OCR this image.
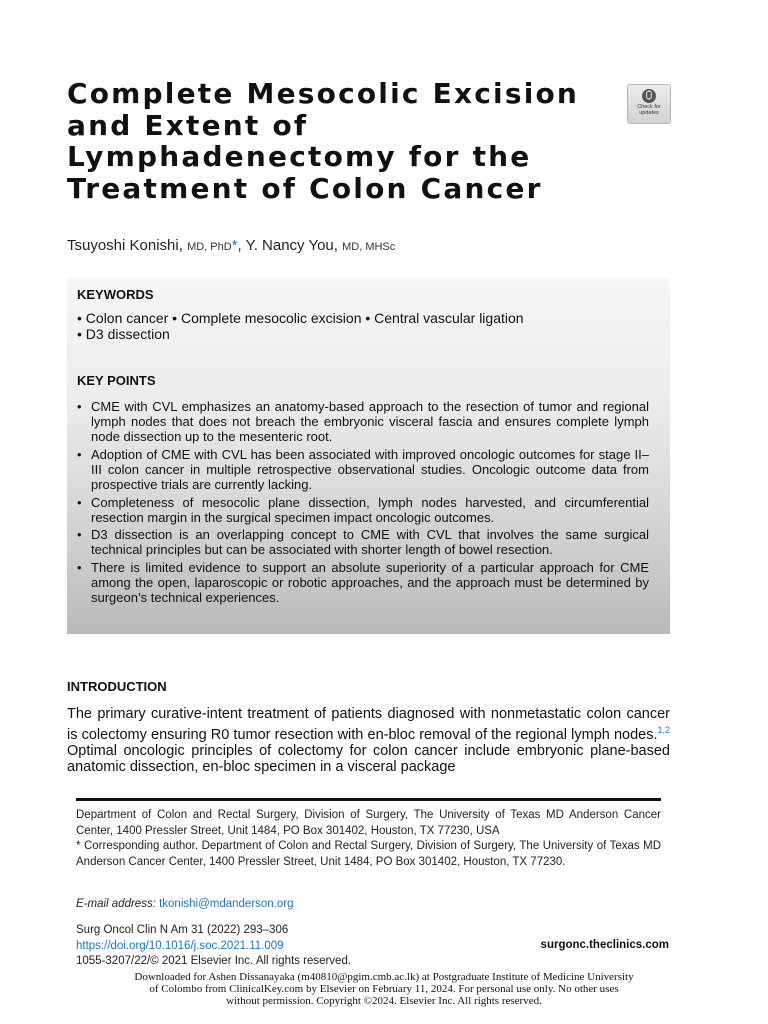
Complete Mesocolic Excision
and Extent of
Lymphadenectomy for the
Treatment of Colon Cancer
Check for
updates
Tsuyoshi Konishi, MD, PhD*, Y. Nancy You, MD, MHSc
KEYWORDS
• Colon cancer • Complete mesocolic excision • Central vascular ligation
• D3 dissection
KEY POINTS
• CME with CVL emphasizes an anatomy-based approach to the resection of tumor and regional lymph nodes that does not breach the embryonic visceral fascia and ensures complete lymph node dissection up to the mesenteric root.
• Adoption of CME with CVL has been associated with improved oncologic outcomes for stage II–III colon cancer in multiple retrospective observational studies. Oncologic outcome data from prospective trials are currently lacking.
• Completeness of mesocolic plane dissection, lymph nodes harvested, and circumferential resection margin in the surgical specimen impact oncologic outcomes.
• D3 dissection is an overlapping concept to CME with CVL that involves the same surgical technical principles but can be associated with shorter length of bowel resection.
• There is limited evidence to support an absolute superiority of a particular approach for CME among the open, laparoscopic or robotic approaches, and the approach must be determined by surgeon’s technical experiences.
INTRODUCTION

The primary curative-intent treatment of patients diagnosed with nonmetastatic colon cancer is colectomy ensuring R0 tumor resection with en-bloc removal of the regional lymph nodes.$^{1,2}$ Optimal oncologic principles of colectomy for colon cancer include embryonic plane-based anatomic dissection, en-bloc specimen in a visceral package

Department of Colon and Rectal Surgery, Division of Surgery, The University of Texas MD Anderson Cancer Center, 1400 Pressler Street, Unit 1484, PO Box 301402, Houston, TX 77230, USA
* Corresponding author. Department of Colon and Rectal Surgery, Division of Surgery, The University of Texas MD Anderson Cancer Center, 1400 Pressler Street, Unit 1484, PO Box 301402, Houston, TX 77230.

E-mail address: tkonishi@mdanderson.org
Surg Oncol Clin N Am 31 (2022) 293–306
https://doi.org/10.1016/j.soc.2021.11.009
1055-3207/22/© 2021 Elsevier Inc. All rights reserved.
surgonc.theclinics.com

Downloaded for Ashen Dissanayaka (m40810@pgim.cmb.ac.lk) at Postgraduate Institute of Medicine University of Colombo from ClinicalKey.com by Elsevier on February 11, 2024. For personal use only. No other uses without permission. Copyright ©2024. Elsevier Inc. All rights reserved.
